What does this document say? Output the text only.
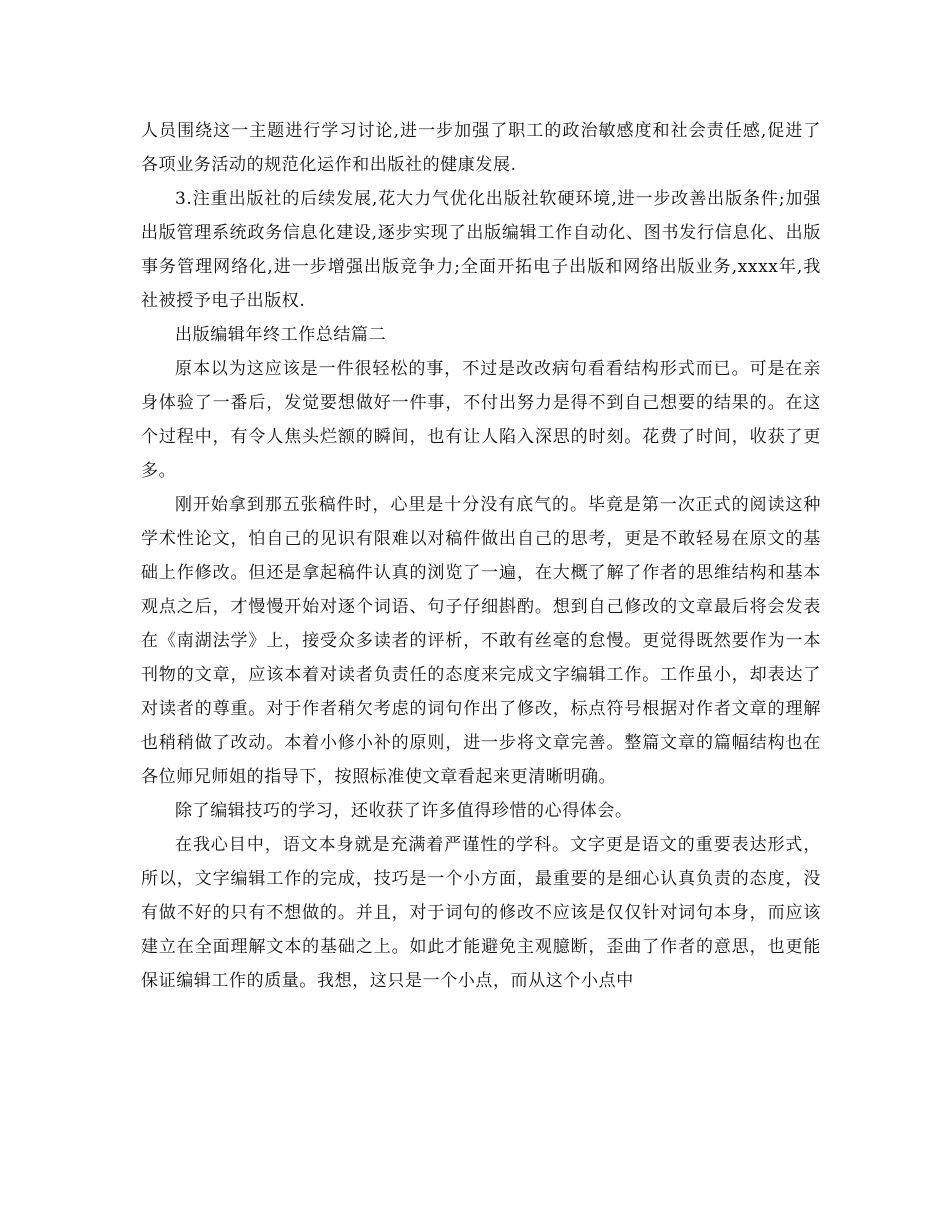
人员围绕这一主题进行学习讨论,进一步加强了职工的政治敏感度和社会责任感,促进了各项业务活动的规范化运作和出版社的健康发展.

3.注重出版社的后续发展,花大力气优化出版社软硬环境,进一步改善出版条件;加强出版管理系统政务信息化建设,逐步实现了出版编辑工作自动化、图书发行信息化、出版事务管理网络化,进一步增强出版竞争力;全面开拓电子出版和网络出版业务,xxxx年,我社被授予电子出版权.

出版编辑年终工作总结篇二

原本以为这应该是一件很轻松的事，不过是改改病句看看结构形式而已。可是在亲身体验了一番后，发觉要想做好一件事，不付出努力是得不到自己想要的结果的。在这个过程中，有令人焦头烂额的瞬间，也有让人陷入深思的时刻。花费了时间，收获了更多。

刚开始拿到那五张稿件时，心里是十分没有底气的。毕竟是第一次正式的阅读这种学术性论文，怕自己的见识有限难以对稿件做出自己的思考，更是不敢轻易在原文的基础上作修改。但还是拿起稿件认真的浏览了一遍，在大概了解了作者的思维结构和基本观点之后，才慢慢开始对逐个词语、句子仔细斟酌。想到自己修改的文章最后将会发表在《南湖法学》上，接受众多读者的评析，不敢有丝毫的怠慢。更觉得既然要作为一本刊物的文章，应该本着对读者负责任的态度来完成文字编辑工作。工作虽小，却表达了对读者的尊重。对于作者稍欠考虑的词句作出了修改，标点符号根据对作者文章的理解也稍稍做了改动。本着小修小补的原则，进一步将文章完善。整篇文章的篇幅结构也在各位师兄师姐的指导下，按照标准使文章看起来更清晰明确。

除了编辑技巧的学习，还收获了许多值得珍惜的心得体会。

在我心目中，语文本身就是充满着严谨性的学科。文字更是语文的重要表达形式，所以，文字编辑工作的完成，技巧是一个小方面，最重要的是细心认真负责的态度，没有做不好的只有不想做的。并且，对于词句的修改不应该是仅仅针对词句本身，而应该建立在全面理解文本的基础之上。如此才能避免主观臆断，歪曲了作者的意思，也更能保证编辑工作的质量。我想，这只是一个小点，而从这个小点中
